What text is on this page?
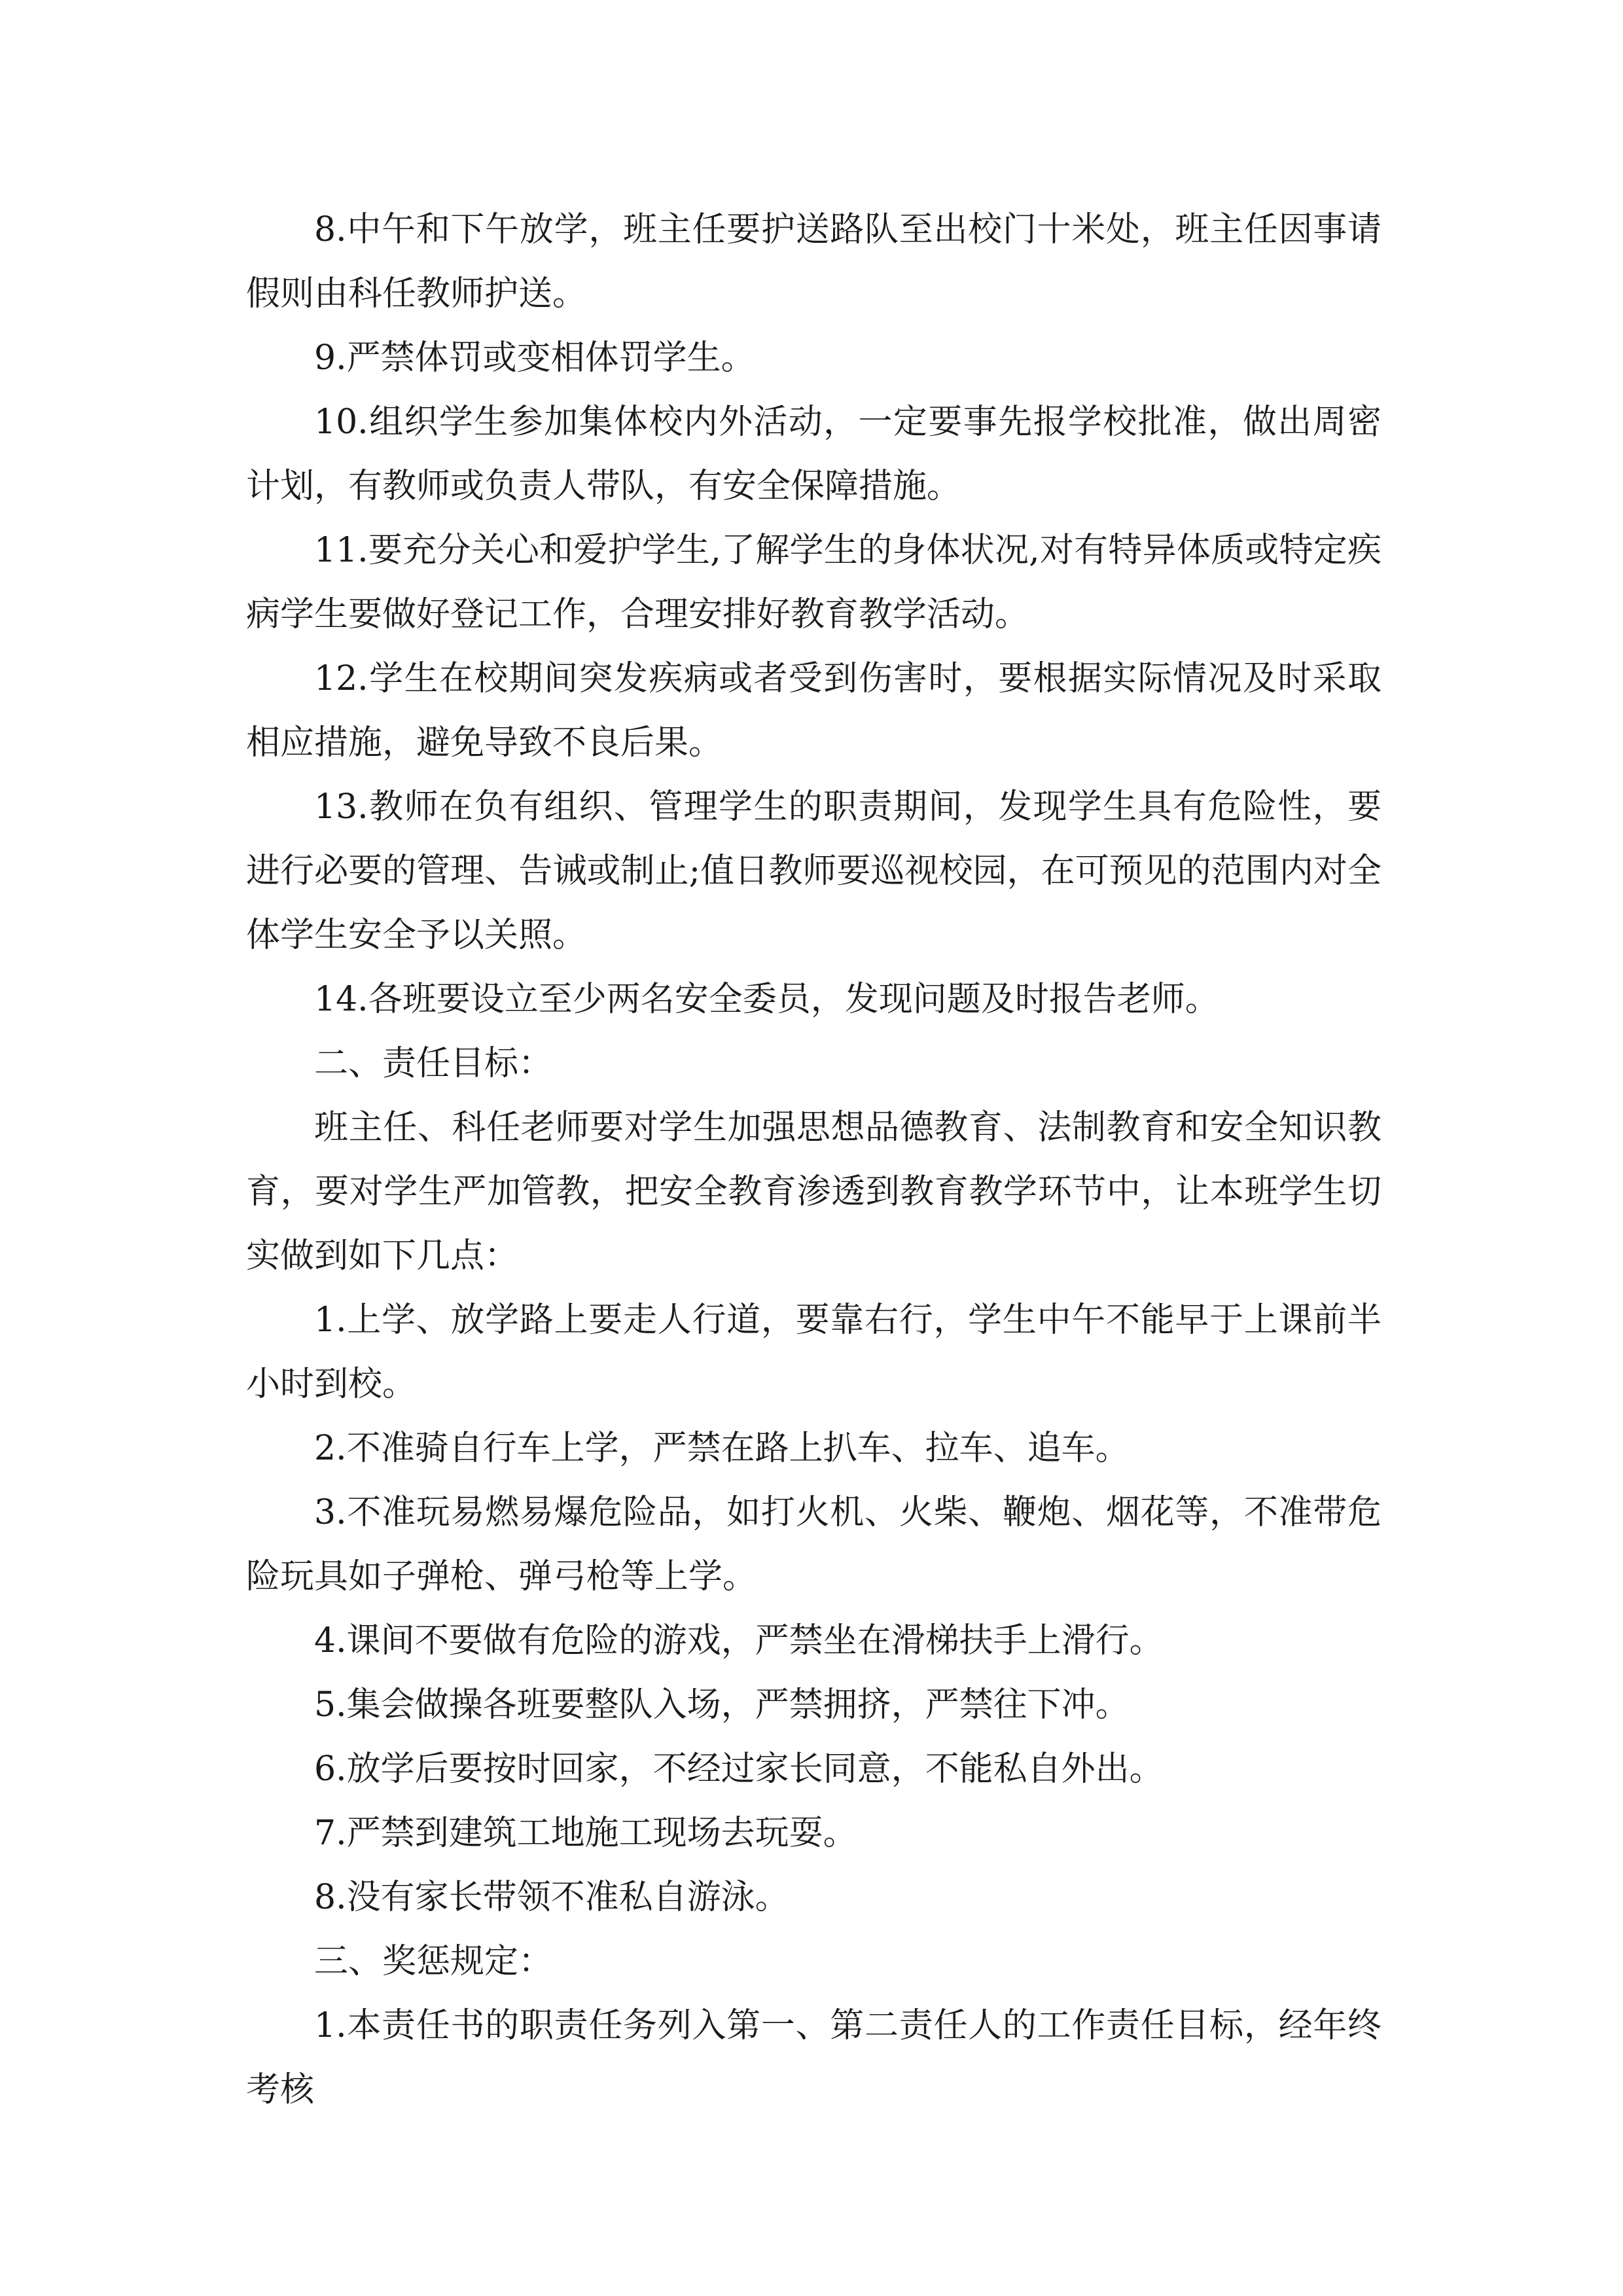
8.中午和下午放学，班主任要护送路队至出校门十米处，班主任因事请假则由科任教师护送。

9.严禁体罚或变相体罚学生。

10.组织学生参加集体校内外活动，一定要事先报学校批准，做出周密计划，有教师或负责人带队，有安全保障措施。

11.要充分关心和爱护学生,了解学生的身体状况,对有特异体质或特定疾病学生要做好登记工作，合理安排好教育教学活动。

12.学生在校期间突发疾病或者受到伤害时，要根据实际情况及时采取相应措施，避免导致不良后果。

13.教师在负有组织、管理学生的职责期间，发现学生具有危险性，要进行必要的管理、告诫或制止;值日教师要巡视校园，在可预见的范围内对全体学生安全予以关照。

14.各班要设立至少两名安全委员，发现问题及时报告老师。

二、责任目标：

班主任、科任老师要对学生加强思想品德教育、法制教育和安全知识教育，要对学生严加管教，把安全教育渗透到教育教学环节中，让本班学生切实做到如下几点：

1.上学、放学路上要走人行道，要靠右行，学生中午不能早于上课前半小时到校。

2.不准骑自行车上学，严禁在路上扒车、拉车、追车。

3.不准玩易燃易爆危险品，如打火机、火柴、鞭炮、烟花等，不准带危险玩具如子弹枪、弹弓枪等上学。

4.课间不要做有危险的游戏，严禁坐在滑梯扶手上滑行。

5.集会做操各班要整队入场，严禁拥挤，严禁往下冲。

6.放学后要按时回家，不经过家长同意，不能私自外出。

7.严禁到建筑工地施工现场去玩耍。

8.没有家长带领不准私自游泳。

三、奖惩规定：

1.本责任书的职责任务列入第一、第二责任人的工作责任目标，经年终考核
